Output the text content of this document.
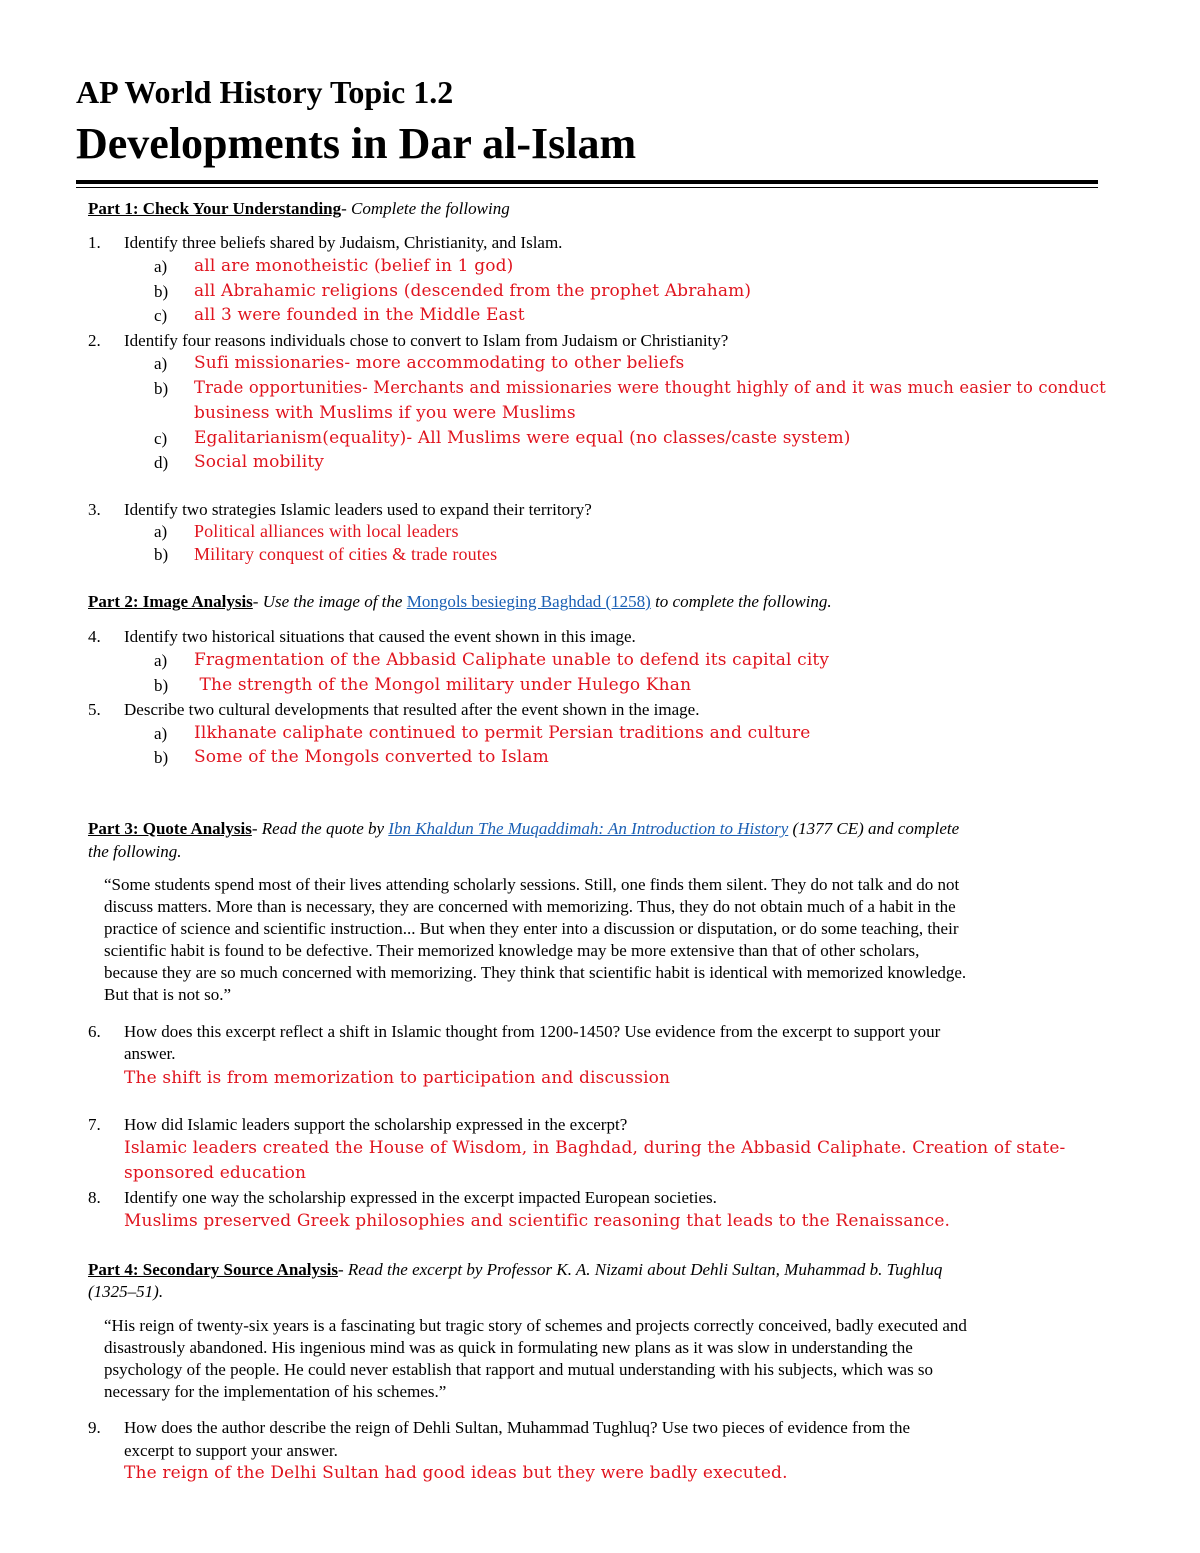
AP World History Topic 1.2
Developments in Dar al-Islam
Part 1: Check Your Understanding- Complete the following
1. Identify three beliefs shared by Judaism, Christianity, and Islam.
a) all are monotheistic (belief in 1 god)
b) all Abrahamic religions (descended from the prophet Abraham)
c) all 3 were founded in the Middle East
2. Identify four reasons individuals chose to convert to Islam from Judaism or Christianity?
a) Sufi missionaries- more accommodating to other beliefs
b) Trade opportunities- Merchants and missionaries were thought highly of and it was much easier to conduct
business with Muslims if you were Muslims
c) Egalitarianism(equality)- All Muslims were equal (no classes/caste system)
d) Social mobility
3. Identify two strategies Islamic leaders used to expand their territory?
a) Political alliances with local leaders
b) Military conquest of cities & trade routes
Part 2: Image Analysis- Use the image of the Mongols besieging Baghdad (1258) to complete the following.
4. Identify two historical situations that caused the event shown in this image.
a) Fragmentation of the Abbasid Caliphate unable to defend its capital city
b) The strength of the Mongol military under Hulego Khan
5. Describe two cultural developments that resulted after the event shown in the image.
a) Ilkhanate caliphate continued to permit Persian traditions and culture
b) Some of the Mongols converted to Islam
Part 3: Quote Analysis- Read the quote by Ibn Khaldun The Muqaddimah: An Introduction to History (1377 CE) and complete
the following.
“Some students spend most of their lives attending scholarly sessions. Still, one finds them silent. They do not talk and do not
discuss matters. More than is necessary, they are concerned with memorizing. Thus, they do not obtain much of a habit in the
practice of science and scientific instruction... But when they enter into a discussion or disputation, or do some teaching, their
scientific habit is found to be defective. Their memorized knowledge may be more extensive than that of other scholars,
because they are so much concerned with memorizing. They think that scientific habit is identical with memorized knowledge.
But that is not so.”
6. How does this excerpt reflect a shift in Islamic thought from 1200-1450? Use evidence from the excerpt to support your
answer.
The shift is from memorization to participation and discussion
7. How did Islamic leaders support the scholarship expressed in the excerpt?
Islamic leaders created the House of Wisdom, in Baghdad, during the Abbasid Caliphate. Creation of state-
sponsored education
8. Identify one way the scholarship expressed in the excerpt impacted European societies.
Muslims preserved Greek philosophies and scientific reasoning that leads to the Renaissance.
Part 4: Secondary Source Analysis- Read the excerpt by Professor K. A. Nizami about Dehli Sultan, Muhammad b. Tughluq
(1325–51).
“His reign of twenty-six years is a fascinating but tragic story of schemes and projects correctly conceived, badly executed and
disastrously abandoned. His ingenious mind was as quick in formulating new plans as it was slow in understanding the
psychology of the people. He could never establish that rapport and mutual understanding with his subjects, which was so
necessary for the implementation of his schemes.”
9. How does the author describe the reign of Dehli Sultan, Muhammad Tughluq? Use two pieces of evidence from the
excerpt to support your answer.
The reign of the Delhi Sultan had good ideas but they were badly executed.
